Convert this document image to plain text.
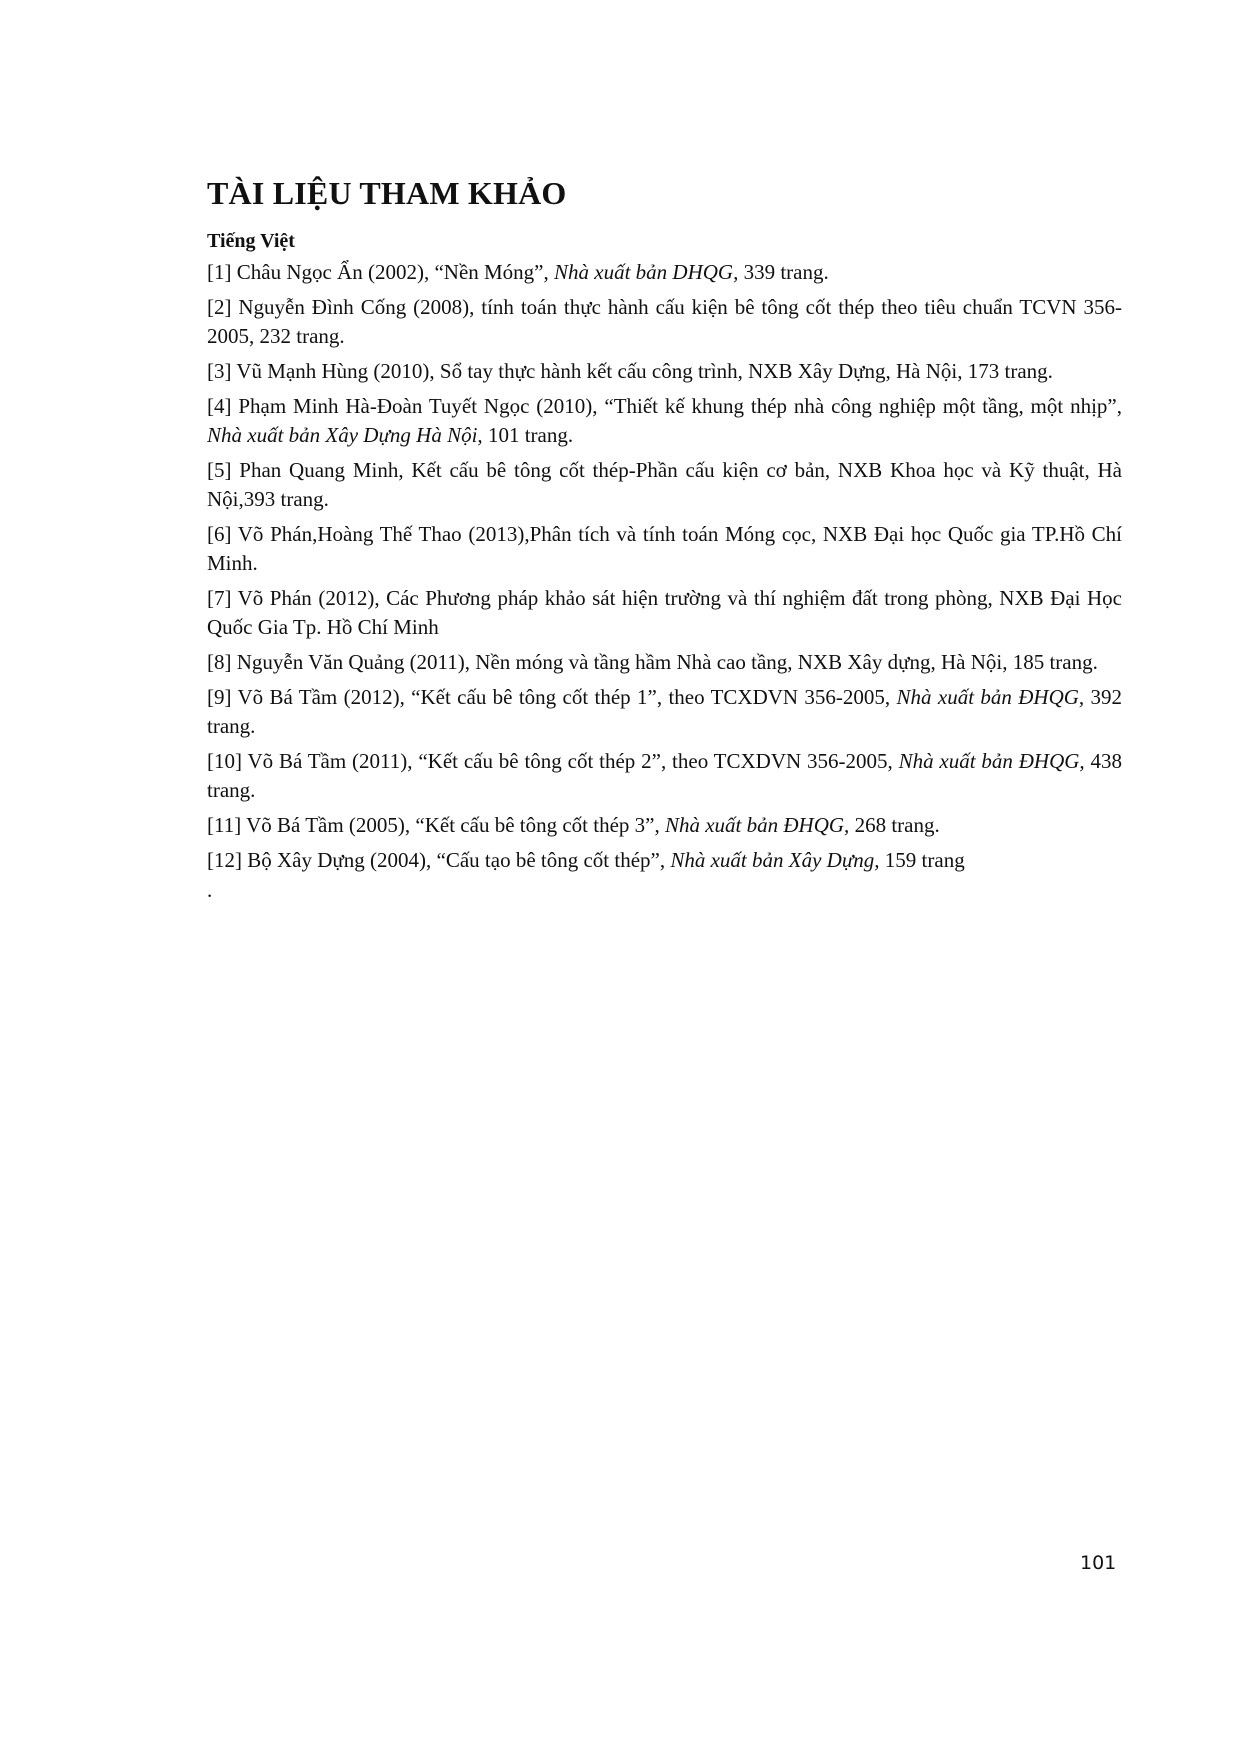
TÀI LIỆU THAM KHẢO
Tiếng Việt

[1] Châu Ngọc Ẩn (2002), “Nền Móng”, Nhà xuất bản DHQG, 339 trang.

[2] Nguyễn Đình Cống (2008), tính toán thực hành cấu kiện bê tông cốt thép theo tiêu chuẩn TCVN 356-2005, 232 trang.

[3] Vũ Mạnh Hùng (2010), Sổ tay thực hành kết cấu công trình, NXB Xây Dựng, Hà Nội, 173 trang.

[4] Phạm Minh Hà-Đoàn Tuyết Ngọc (2010), “Thiết kế khung thép nhà công nghiệp một tầng, một nhịp”, Nhà xuất bản Xây Dựng Hà Nội, 101 trang.

[5] Phan Quang Minh, Kết cấu bê tông cốt thép-Phần cấu kiện cơ bản, NXB Khoa học và Kỹ thuật, Hà Nội,393 trang.

[6] Võ Phán,Hoàng Thế Thao (2013),Phân tích và tính toán Móng cọc, NXB Đại học Quốc gia TP.Hồ Chí Minh.

[7] Võ Phán (2012), Các Phương pháp khảo sát hiện trường và thí nghiệm đất trong phòng, NXB Đại Học Quốc Gia Tp. Hồ Chí Minh

[8] Nguyễn Văn Quảng (2011), Nền móng và tầng hầm Nhà cao tầng, NXB Xây dựng, Hà Nội, 185 trang.

[9] Võ Bá Tầm (2012), “Kết cấu bê tông cốt thép 1”, theo TCXDVN 356-2005, Nhà xuất bản ĐHQG, 392 trang.

[10] Võ Bá Tầm (2011), “Kết cấu bê tông cốt thép 2”, theo TCXDVN 356-2005, Nhà xuất bản ĐHQG, 438 trang.

[11] Võ Bá Tầm (2005), “Kết cấu bê tông cốt thép 3”, Nhà xuất bản ĐHQG, 268 trang.

[12] Bộ Xây Dựng (2004), “Cấu tạo bê tông cốt thép”, Nhà xuất bản Xây Dựng, 159 trang

.

101
